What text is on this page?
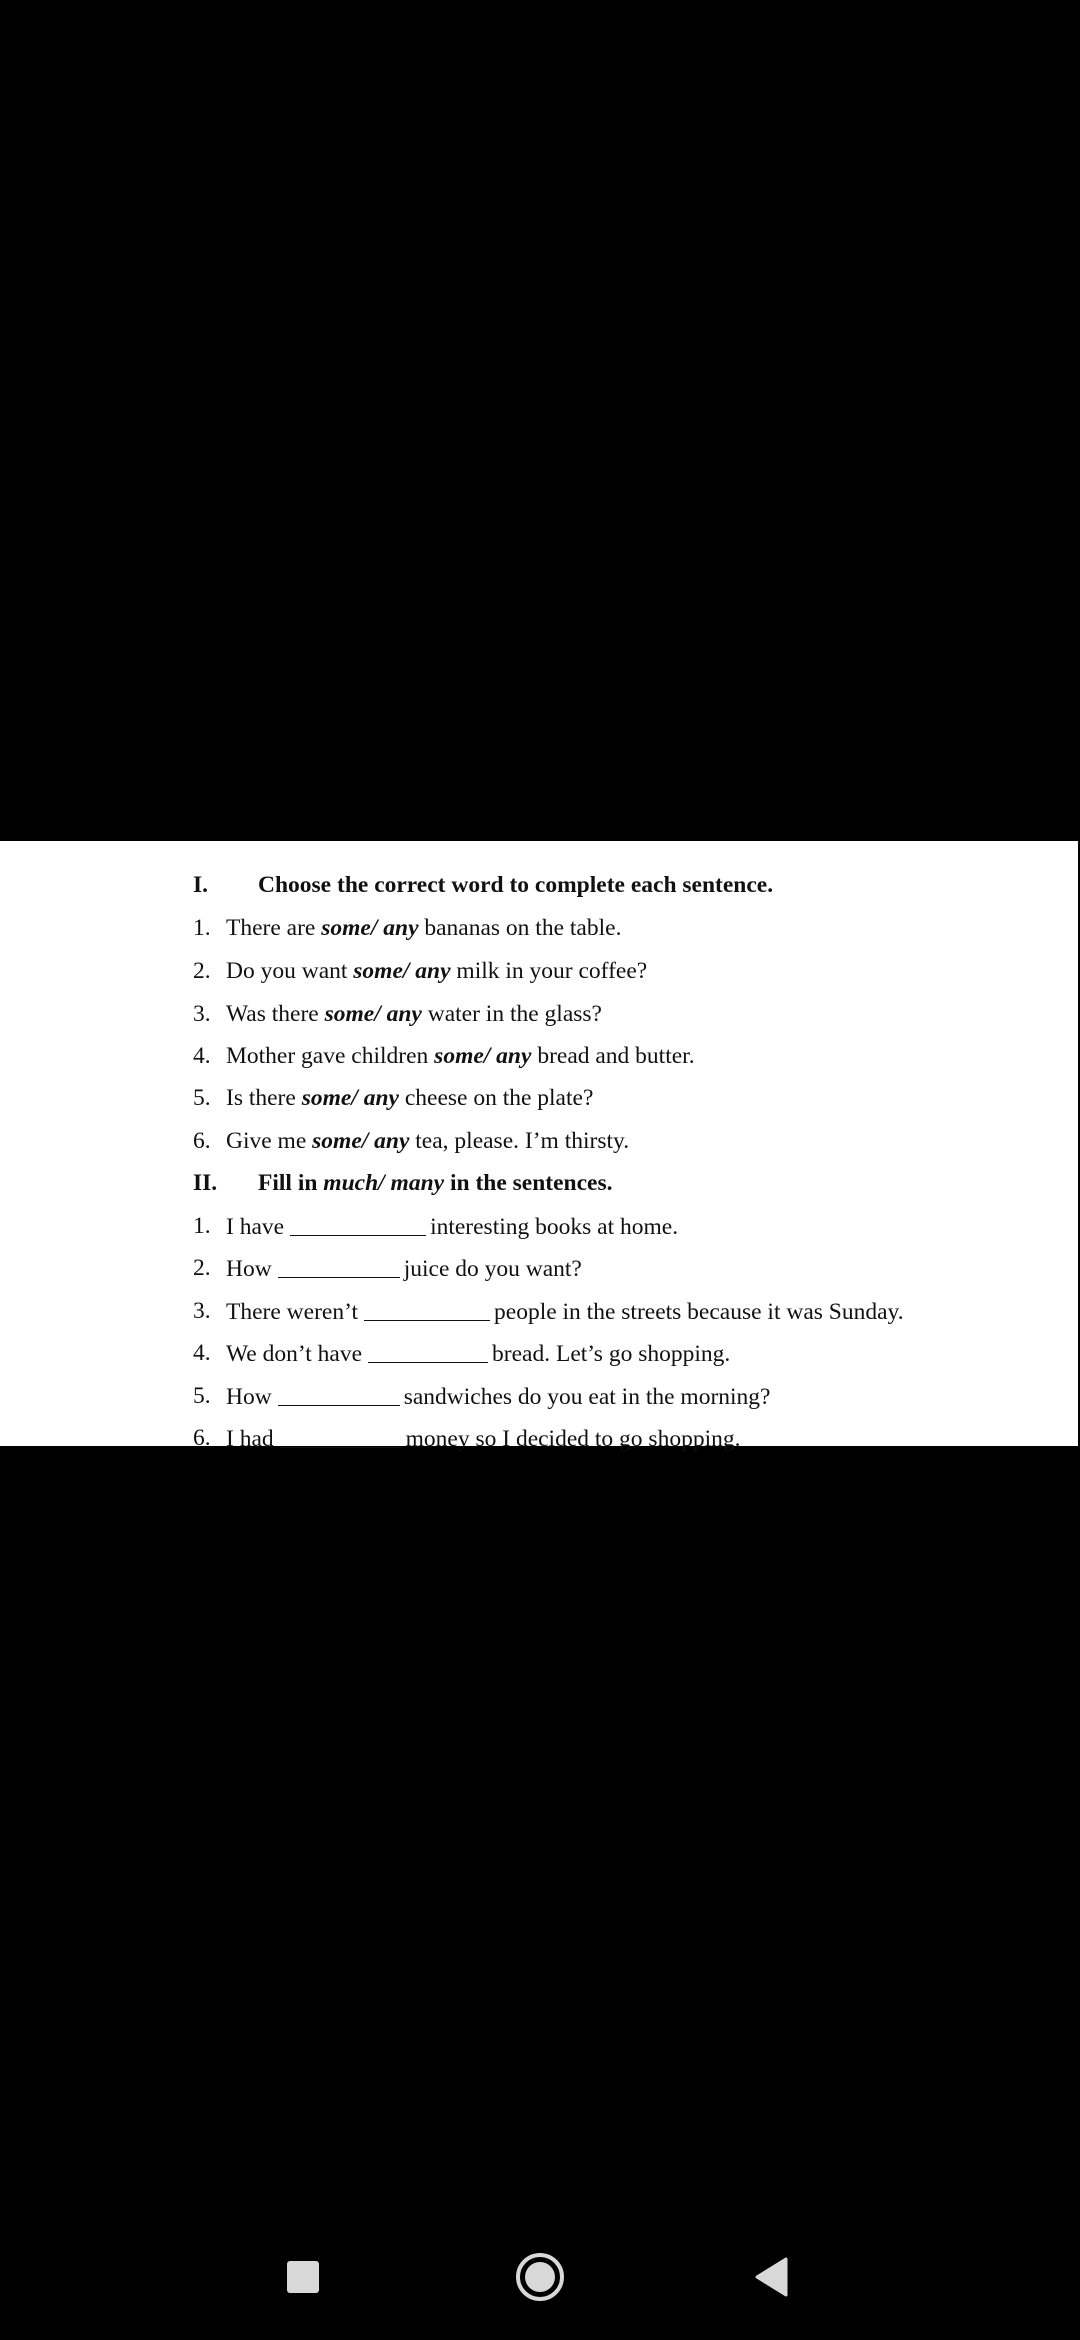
I. Choose the correct word to complete each sentence.
1. There are some/ any bananas on the table.
2. Do you want some/ any milk in your coffee?
3. Was there some/ any water in the glass?
4. Mother gave children some/ any bread and butter.
5. Is there some/ any cheese on the plate?
6. Give me some/ any tea, please. I’m thirsty.
II. Fill in much/ many in the sentences.
1. I have	interesting books at home.
2. How	juice do you want?
3. There weren’t	people in the streets because it was Sunday.
4. We don’t have	bread. Let’s go shopping.
5. How	sandwiches do you eat in the morning?
6. I had	money so I decided to go shopping.
